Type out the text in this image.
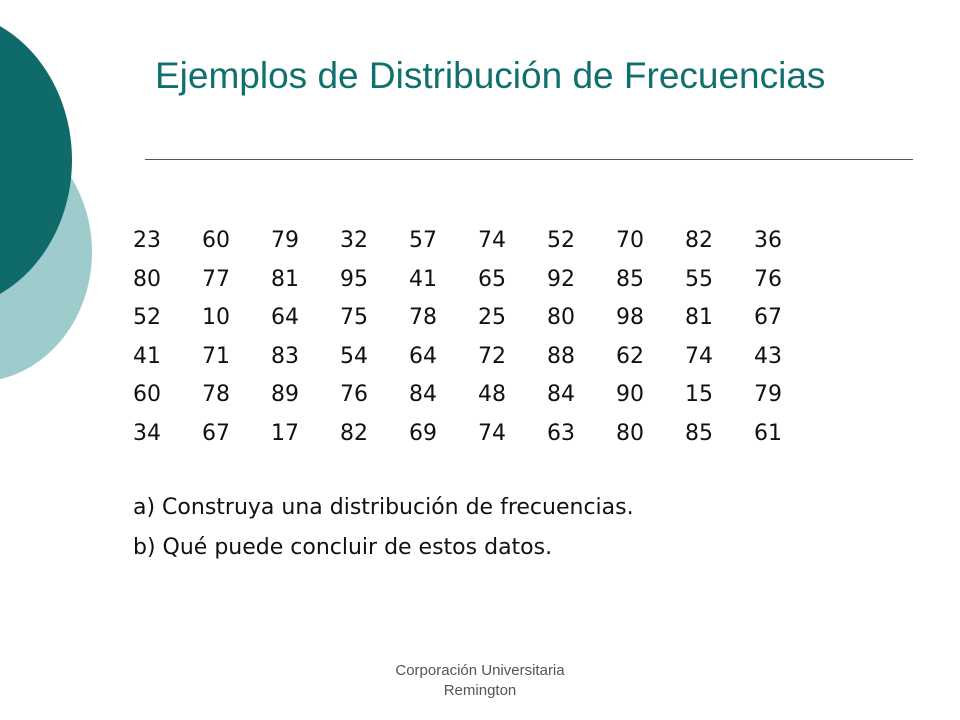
Ejemplos de Distribución de Frecuencias
23 60 79 32 57 74 52 70 82 36
80 77 81 95 41 65 92 85 55 76
52 10 64 75 78 25 80 98 81 67
41 71 83 54 64 72 88 62 74 43
60 78 89 76 84 48 84 90 15 79
34 67 17 82 69 74 63 80 85 61
a) Construya una distribución de frecuencias.
b) Qué puede concluir de estos datos.
Corporación Universitaria
Remington
